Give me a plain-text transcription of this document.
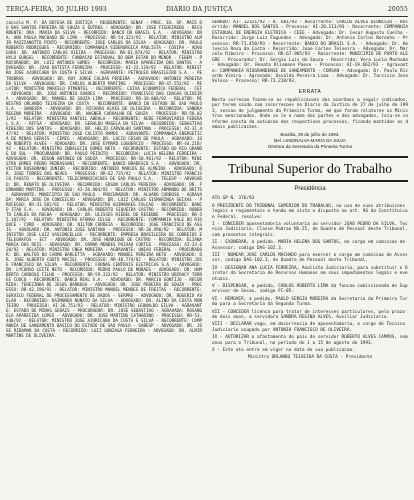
TERÇA-FEIRA, 30 JULHO 1993	DIÁRIO DA JUSTIÇA	20055

cancela M. P. DA DEFESA DE JUSTIÇA - REQUERENTE: SENAF - PROC. EX. SP. MAIS DO BAS SANTOS PEREIRA DE SOUZA E OUTROS - ADVOGADO: DR. JOSE FIGUEIREDO - RECORRENTE: DRA. MARIA DA SILVA - RECORRIDO: BANCO DO BRASIL S.A. - ADVOGADA: DRA. ANA PAULA MACHADO DE LIMA - PROCESSO: RR-54.321/92 - RELATOR: MINISTRO ALMIR PAZZIANOTTO PINTO - RECORRENTE: JOSE CARLOS DA SILVA - ADVOGADO: DR. PAULO ROBERTO RODRIGUES - RECORRIDO: COMPANHIA SIDERURGICA PAULISTA - COSIPA - ADVOGADO: DR. ANTONIO CARLOS VIEIRA - PROCESSO: RR-61.874/92 - RELATOR: MINISTRO HYLO GURGEL - RECORRENTE: FUNDACAO ESTADUAL DO BEM ESTAR DO MENOR - FEBEM - PROCURADOR: DR. LUIZ ANTONIO GOMES - RECORRIDA: MARIA APARECIDA DOS SANTOS - ADVOGADO: DR. JOAO BATISTA FERREIRA - PROCESSO: AI-23.119/92 - RELATOR: MINISTRO JOSE AJURICABA DA COSTA E SILVA - AGRAVANTE: PETROLEO BRASILEIRO S.A. - PETROBRAS - ADVOGADO: DR. RUY JORGE CALDAS PEREIRA - AGRAVADO: ANTONIO PEREIRA DA SILVA - ADVOGADO: DR. CARLOS ALBERTO MARTINS - PROCESSO: RR-47.552/92 - RELATOR: MINISTRO MARCELO PIMENTEL - RECORRENTE: CAIXA ECONOMICA FEDERAL - CEF - ADVOGADO: DR. JOSE ANTONIO SOARES - RECORRIDO: FRANCISCO DAS CHAGAS OLIVEIRA - ADVOGADO: DR. MANOEL DE SOUZA LIMA - PROCESSO: RR-39.806/92 - RELATOR: MINISTRO ORLANDO TEIXEIRA DA COSTA - RECORRENTE: BANCO DO ESTADO DE SAO PAULO S.A. - BANESPA - ADVOGADO: DR. RICARDO ALVES DE OLIVEIRA - RECORRIDA: SANDRA REGINA MOREIRA - ADVOGADO: DR. WAGNER CARVALHO DE SOUZA - PROCESSO: RR-58.023/92 - RELATOR: MINISTRO VANTUIL ABDALA - RECORRENTE: REDE FERROVIARIA FEDERAL S.A. - RFFSA - ADVOGADO: DR. GERALDO MAGELA DA SILVA - RECORRIDO: SEBASTIAO RIBEIRO DOS SANTOS - ADVOGADO: DR. HELIO CARVALHO SANTANA - PROCESSO: AI-31.447/92 - RELATOR: MINISTRO JOSE CALIXTO RAMOS - AGRAVANTE: COMPANHIA ENERGETICA DE MINAS GERAIS - CEMIG - ADVOGADO: DR. LUCIO CESAR DE PAULA - AGRAVADO: JOAO ROBERTO ALVES - ADVOGADO: DR. JOSE EYMARD LOGUERCIO - PROCESSO: RR-44.218/92 - RELATOR: MINISTRO INDALECIO GOMES NETO - RECORRENTE: ESTADO DO RIO GRANDE DO SUL - PROCURADOR: DR. PAULO PEIXOTO - RECORRIDA: LUCIA HELENA FERREIRA - ADVOGADO: DR. EDSON ANTONIO DE SOUZA - PROCESSO: RR-50.961/92 - RELATOR: MINISTRO ERMES PEDRO PEDRASSANI - RECORRENTE: BANCO BRADESCO S.A. - ADVOGADO: DR. VICTOR RUSSOMANO JUNIOR - RECORRIDO: ANTONIO MARCOS DE ALMEIDA - ADVOGADO: DR. JOSE TORRES DAS NEVES - PROCESSO: RR-62.735/92 - RELATOR: MINISTRO FRANCISCO FAUSTO - RECORRENTE: TELECOMUNICACOES DE SAO PAULO S.A. - TELESP - ADVOGADO: DR. RENATO DE OLIVEIRA - RECORRIDO: EDSON CARLOS PEREIRA - ADVOGADO: DR. FERNANDO MARTINS - PROCESSO: AI-28.904/92 - RELATOR: MINISTRO ARMANDO DE BRITO - AGRAVANTE: MUNICIPIO DE SAO PAULO - PROCURADOR: DR. ALVARO CARDOSO - AGRAVADA: MARIA JOSE DA CONCEICAO - ADVOGADO: DR. LUIZ CARLOS SIGMARINGA SEIXAS - PROCESSO: RR-41.582/92 - RELATOR: MINISTRO GUIMARAES FALCAO - RECORRENTE: BANCO ITAU S.A. - ADVOGADO: DR. CARLOS ROBERTO SIQUEIRA CASTRO - RECORRIDO: ROBERTO CARLOS DA ROCHA - ADVOGADO: DR. ULISSES RIEDEL DE RESENDE - PROCESSO: RR-55.107/92 - RELATOR: MINISTRO AFONSO CELSO - RECORRENTE: COMPANHIA VALE DO RIO DOCE - CVRD - ADVOGADO: DR. NILTON CORREIA - RECORRIDO: JOSE FRANCISCO DE ASSIS - ADVOGADO: DR. ANTONIO JOSE SANTANA - PROCESSO: RR-36.990/92 - RELATOR: MINISTRO JOSE LUIZ VASCONCELLOS - RECORRENTE: EMPRESA BRASILEIRA DE CORREIOS E TELEGRAFOS - ECT - ADVOGADO: DR. JOSE HENRIQUE DE CASTRO - RECORRIDA: ELIANA MARIA DOS REIS - ADVOGADO: DR. OSMAR MENDES PAIXAO CORTES - PROCESSO: AI-33.620/92 - RELATOR: MINISTRO CNEA MOREIRA - AGRAVANTE: UNIAO FEDERAL - PROCURADOR: DR. WALTER DO CARMO BARLETTA - AGRAVADO: MANOEL PEREIRA NETO - ADVOGADO: DR. JOSE ALBERTO COUTO MACIEL - PROCESSO: RR-48.774/92 - RELATOR: MINISTRO JOSE FRANCISCO DA SILVA - RECORRENTE: FURNAS CENTRAIS ELETRICAS S.A. - ADVOGADO: DR. LYCURGO LEITE NETO - RECORRIDO: PEDRO PAULO DE MORAES - ADVOGADO: DR. HUMBERTO CARDOSO FILHO - PROCESSO: RR-59.332/92 - RELATOR: MINISTRO UBIRACY TORRES CUOCO - RECORRENTE: BANCO REAL S.A. - ADVOGADO: DR. MARCIO GONTIJO - RECORRIDA: TEREZINHA DE JESUS BARBOSA - ADVOGADO: DR. JOSE PEREIRA DE SOUZA - PROCESSO: RR-42.196/92 - RELATOR: MINISTRO MANOEL MENDES DE FREITAS - RECORRENTE: SERVICO FEDERAL DE PROCESSAMENTO DE DADOS - SERPRO - ADVOGADO: DR. ROGERIO AVELAR - RECORRIDO: RAIMUNDO NONATO DA SILVA - ADVOGADO: DR. ALINO DA COSTA MONTEIRO - PROCESSO: AI-26.751/92 - RELATOR: MINISTRO LEONALDO SILVA - AGRAVANTE: ESTADO DE MINAS GERAIS - PROCURADOR: DR. JOSE SEBASTIAO - AGRAVADA: ROSANGELA APARECIDA LOPES - ADVOGADO: DR. JOSE MARTINS CATHARINO - PROCESSO: RR-53.448/92 - RELATOR: MINISTRO JOSE AJURICABA DA COSTA E SILVA - RECORRENTE: COMPANHIA DE SANEAMENTO BASICO DO ESTADO DE SAO PAULO - SABESP - ADVOGADO: DR. JOSE RIBAMAR DA COSTA - RECORRIDO: LUIZ GONZAGA FERREIRA - ADVOGADO: DR. ALMIR MARTINS DE OLIVEIRA.

SENADO: AI- 12321/92 - R. 681/93 - Recorrente: CARLOS ALVES DIONISIO - Recorrido: MANOEL DOS SANTOS - Processo: AI-20.113/93 - Recorrente: COMPANHIA ESTADUAL DE ENERGIA ELETRICA - CEEE - Advogado: Dr. Cesar Augusto Coelho - Recorrido: Jorge Luiz Fagundes - Advogado: Dr. Antonio Carlos Noronha - Processo: RR-71.450/93 - Recorrente: BANCO DO BRASIL S.A. - Advogado: Dr. Helvecio Rosa da Costa - Recorrido: Joao Carlos Teixeira - Advogado: Dr. Marcelo Ribeiro - Processo: RR-67.905/93 - Recorrente: MUNICIPIO DE PORTO ALEGRE - Procurador: Dr. Sergio Luis de Souza - Recorrida: Vera Lucia Machado - Advogado: Dr. Renato Kliemann Paese - Processo: AI-19.662/93 - Agravante: COMPANHIA RIOGRANDENSE DE SANEAMENTO - CORSAN - Advogado: Dr. Paulo Ricardo Vieira - Agravado: Osvaldo Pereira Lima - Advogado: Dr. Tarcisio Jose Veloso - Processo: RR-73.218/93.

ERRATA

Nesta correcao fazem-se as republicacoes dos acordaos a seguir indicados, por terem saido com incorrecoes no Diario da Justica de 27 de julho de 1993, sessao de julgamento da Primeira Turma, em que foram relatores os Ministros mencionados. Onde se le o nome das partes e dos advogados, leia-se conforme consta da autuacao dos respectivos processos, ficando mantidas as demais publicacoes.

Brasilia, 29 de julho de 1993.
Bel. LINDINALVA MARIA DA SILVA
Diretora da Secretaria da Primeira Turma
Tribunal Superior do Trabalho
Presidência

ATO GP N. 376/93

O PRESIDENTE DO TRIBUNAL SUPERIOR DO TRABALHO, no uso de suas atribuicoes legais e regimentais e tendo em vista o disposto no art. 96 da Constituicao Federal, resolve:

I - CONCEDER aposentadoria voluntaria ao servidor JOAO PEDRO DA SILVA, Tecnico Judiciario, Classe Padrao NS-25, do Quadro de Pessoal deste Tribunal, com proventos integrais.

II - EXONERAR, a pedido, MARIA HELENA DOS SANTOS, do cargo em comissao de Assessor, codigo DAS-102.3.

III - NOMEAR JOSE CARLOS MACHADO para exercer o cargo em comissao de Assessor, codigo DAS-102.3, do Quadro de Pessoal deste Tribunal.

IV - DESIGNAR ANA LUCIA FERREIRA, Analista Judiciario, para substituir o Diretor da Secretaria de Recursos Humanos em seus impedimentos legais e eventuais.

V - DISPENSAR, a pedido, CARLOS ROBERTO LIMA da funcao comissionada de Supervisor de Secao, codigo FC-05.

VI - REMOVER, a pedido, PAULO SERGIO MOREIRA da Secretaria da Primeira Turma para a Secretaria da Segunda Turma.

VII - CONCEDER licenca para tratar de interesses particulares, pelo prazo de dois anos, a servidora SANDRA REGINA ALVES, Auxiliar Judiciario.

VIII - DECLARAR vago, em decorrencia de aposentadoria, o cargo de Tecnico Judiciario ocupado por ANTONIO FRANCISCO DE OLIVEIRA.

IX - AUTORIZAR o afastamento do pais do servidor ROBERTO ALVES CAMPOS, sem onus para o Tribunal, no periodo de 1 a 15 de agosto de 1993.

X - Este ato entra em vigor na data de sua publicacao.

Ministro ORLANDO TEIXEIRA DA COSTA - Presidente
